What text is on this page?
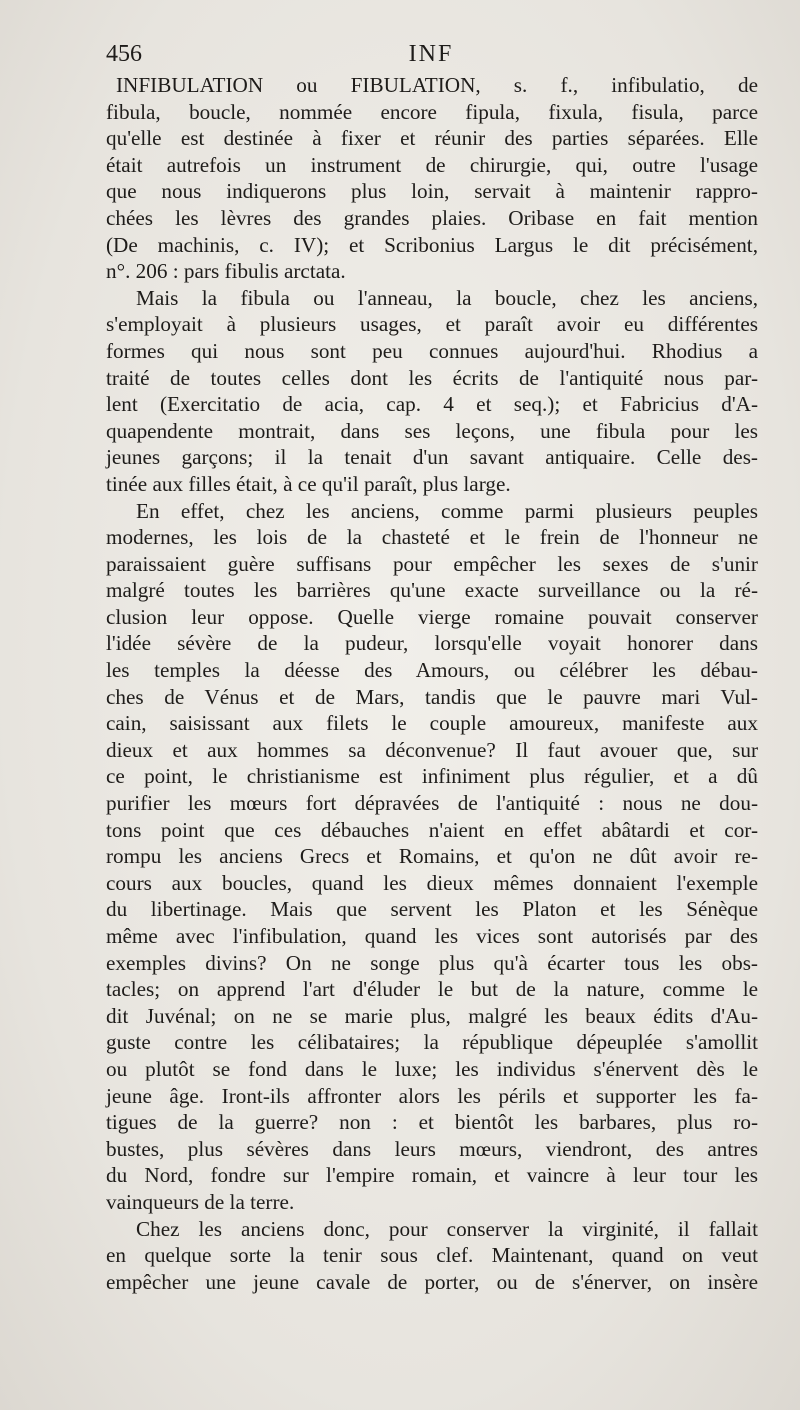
456	INF
INFIBULATION ou FIBULATION, s. f., infibulatio, de
fibula, boucle, nommée encore fipula, fixula, fisula, parce
qu'elle est destinée à fixer et réunir des parties séparées. Elle
était autrefois un instrument de chirurgie, qui, outre l'usage
que nous indiquerons plus loin, servait à maintenir rappro-
chées les lèvres des grandes plaies. Oribase en fait mention
(De machinis, c. IV); et Scribonius Largus le dit précisément,
n°. 206 : pars fibulis arctata.
Mais la fibula ou l'anneau, la boucle, chez les anciens,
s'employait à plusieurs usages, et paraît avoir eu différentes
formes qui nous sont peu connues aujourd'hui. Rhodius a
traité de toutes celles dont les écrits de l'antiquité nous par-
lent (Exercitatio de acia, cap. 4 et seq.); et Fabricius d'A-
quapendente montrait, dans ses leçons, une fibula pour les
jeunes garçons; il la tenait d'un savant antiquaire. Celle des-
tinée aux filles était, à ce qu'il paraît, plus large.
En effet, chez les anciens, comme parmi plusieurs peuples
modernes, les lois de la chasteté et le frein de l'honneur ne
paraissaient guère suffisans pour empêcher les sexes de s'unir
malgré toutes les barrières qu'une exacte surveillance ou la ré-
clusion leur oppose. Quelle vierge romaine pouvait conserver
l'idée sévère de la pudeur, lorsqu'elle voyait honorer dans
les temples la déesse des Amours, ou célébrer les débau-
ches de Vénus et de Mars, tandis que le pauvre mari Vul-
cain, saisissant aux filets le couple amoureux, manifeste aux
dieux et aux hommes sa déconvenue? Il faut avouer que, sur
ce point, le christianisme est infiniment plus régulier, et a dû
purifier les mœurs fort dépravées de l'antiquité : nous ne dou-
tons point que ces débauches n'aient en effet abâtardi et cor-
rompu les anciens Grecs et Romains, et qu'on ne dût avoir re-
cours aux boucles, quand les dieux mêmes donnaient l'exemple
du libertinage. Mais que servent les Platon et les Sénèque
même avec l'infibulation, quand les vices sont autorisés par des
exemples divins? On ne songe plus qu'à écarter tous les obs-
tacles; on apprend l'art d'éluder le but de la nature, comme le
dit Juvénal; on ne se marie plus, malgré les beaux édits d'Au-
guste contre les célibataires; la république dépeuplée s'amollit
ou plutôt se fond dans le luxe; les individus s'énervent dès le
jeune âge. Iront-ils affronter alors les périls et supporter les fa-
tigues de la guerre? non : et bientôt les barbares, plus ro-
bustes, plus sévères dans leurs mœurs, viendront, des antres
du Nord, fondre sur l'empire romain, et vaincre à leur tour les
vainqueurs de la terre.
Chez les anciens donc, pour conserver la virginité, il fallait
en quelque sorte la tenir sous clef. Maintenant, quand on veut
empêcher une jeune cavale de porter, ou de s'énerver, on insère
